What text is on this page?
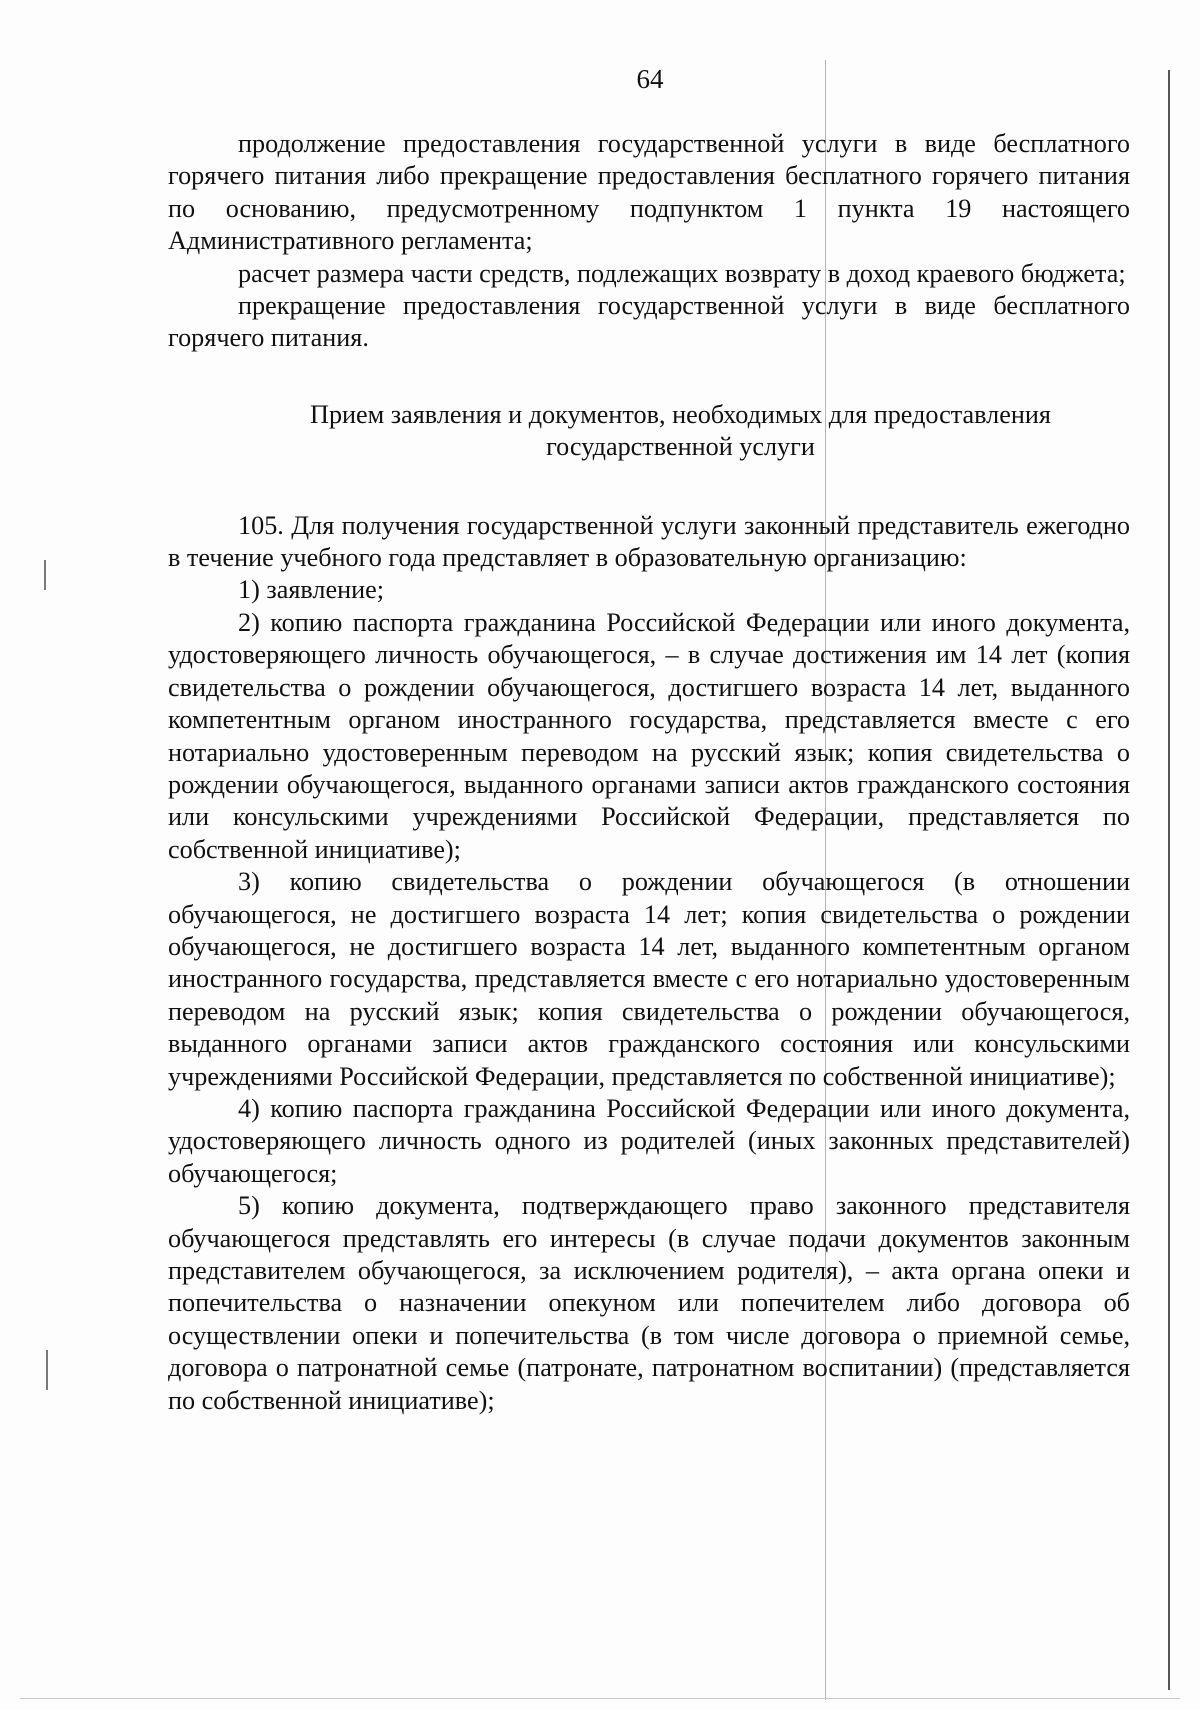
64

продолжение предоставления государственной услуги в виде бесплатного горячего питания либо прекращение предоставления бесплатного горячего питания по основанию, предусмотренному подпунктом 1 пункта 19 настоящего Административного регламента;

расчет размера части средств, подлежащих возврату в доход краевого бюджета;

прекращение предоставления государственной услуги в виде бесплатного горячего питания.

Прием заявления и документов, необходимых для предоставления государственной услуги

105. Для получения государственной услуги законный представитель ежегодно в течение учебного года представляет в образовательную организацию:

1) заявление;

2) копию паспорта гражданина Российской Федерации или иного документа, удостоверяющего личность обучающегося, – в случае достижения им 14 лет (копия свидетельства о рождении обучающегося, достигшего возраста 14 лет, выданного компетентным органом иностранного государства, представляется вместе с его нотариально удостоверенным переводом на русский язык; копия свидетельства о рождении обучающегося, выданного органами записи актов гражданского состояния или консульскими учреждениями Российской Федерации, представляется по собственной инициативе);

3) копию свидетельства о рождении обучающегося (в отношении обучающегося, не достигшего возраста 14 лет; копия свидетельства о рождении обучающегося, не достигшего возраста 14 лет, выданного компетентным органом иностранного государства, представляется вместе с его нотариально удостоверенным переводом на русский язык; копия свидетельства о рождении обучающегося, выданного органами записи актов гражданского состояния или консульскими учреждениями Российской Федерации, представляется по собственной инициативе);

4) копию паспорта гражданина Российской Федерации или иного документа, удостоверяющего личность одного из родителей (иных законных представителей) обучающегося;

5) копию документа, подтверждающего право законного представителя обучающегося представлять его интересы (в случае подачи документов законным представителем обучающегося, за исключением родителя), – акта органа опеки и попечительства о назначении опекуном или попечителем либо договора об осуществлении опеки и попечительства (в том числе договора о приемной семье, договора о патронатной семье (патронате, патронатном воспитании) (представляется по собственной инициативе);
